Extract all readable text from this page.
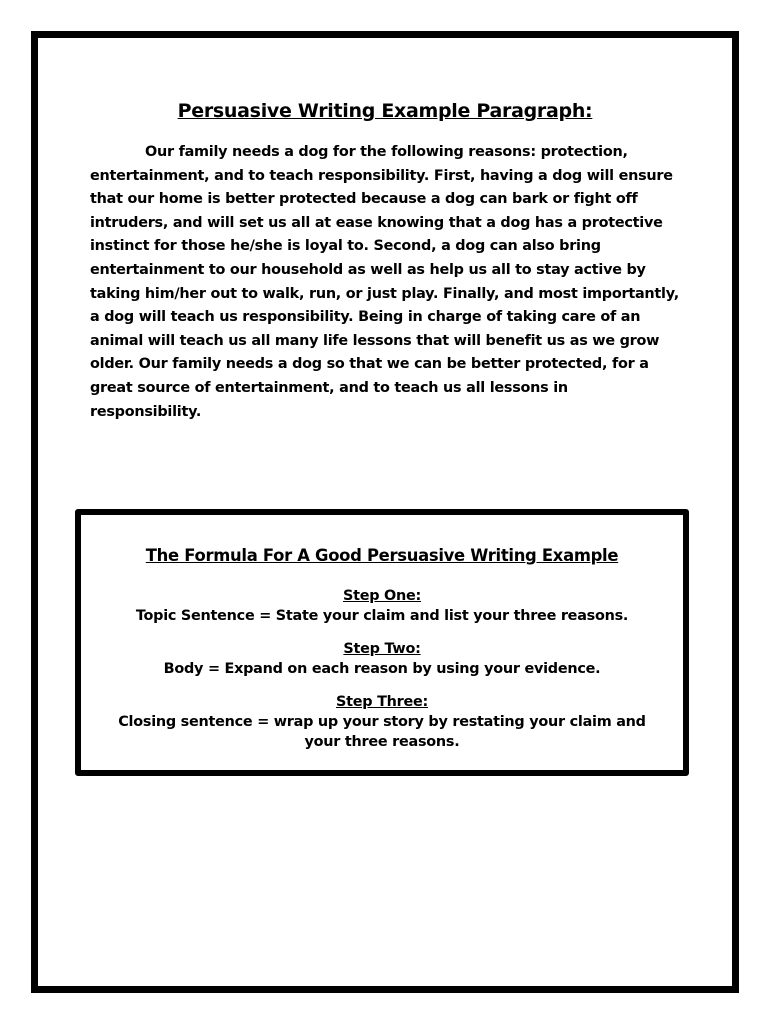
Persuasive Writing Example Paragraph:

Our family needs a dog for the following reasons: protection, entertainment, and to teach responsibility. First, having a dog will ensure that our home is better protected because a dog can bark or fight off intruders, and will set us all at ease knowing that a dog has a protective instinct for those he/she is loyal to. Second, a dog can also bring entertainment to our household as well as help us all to stay active by taking him/her out to walk, run, or just play. Finally, and most importantly, a dog will teach us responsibility. Being in charge of taking care of an animal will teach us all many life lessons that will benefit us as we grow older. Our family needs a dog so that we can be better protected, for a great source of entertainment, and to teach us all lessons in responsibility.

The Formula For A Good Persuasive Writing Example
Step One:
Topic Sentence = State your claim and list your three reasons.
Step Two:
Body = Expand on each reason by using your evidence.
Step Three:
Closing sentence = wrap up your story by restating your claim and your three reasons.
